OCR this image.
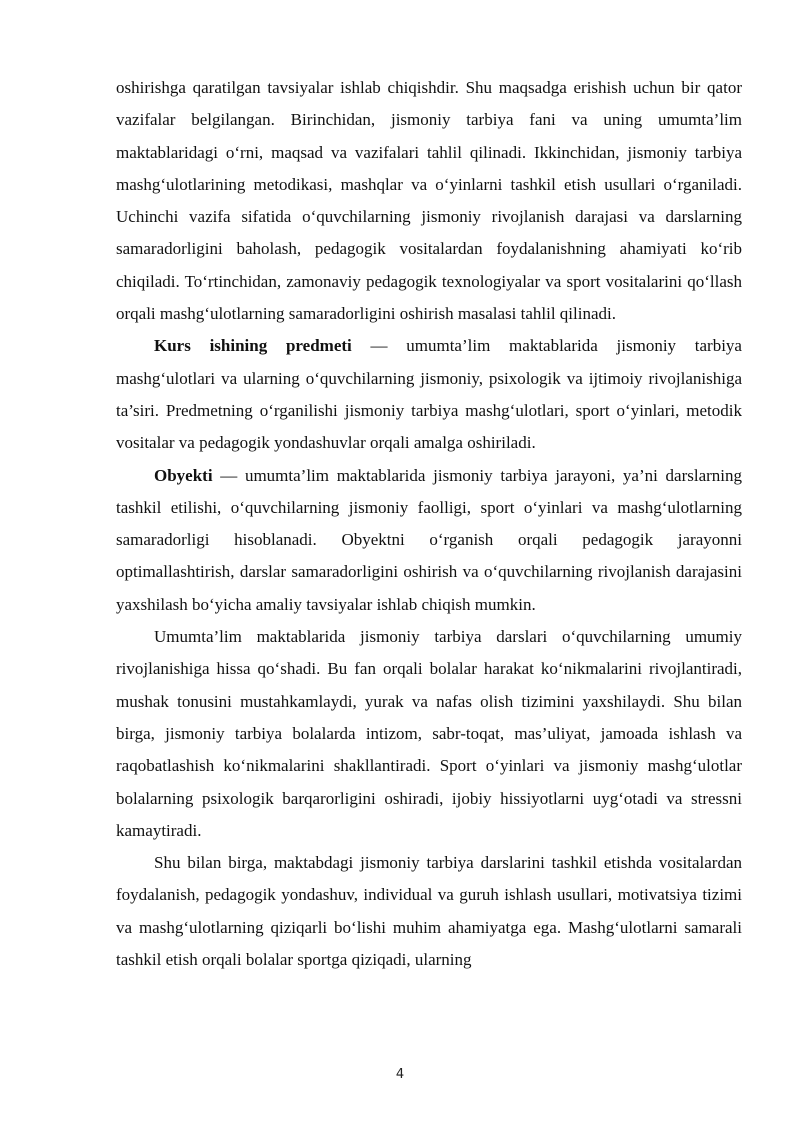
oshirishga qaratilgan tavsiyalar ishlab chiqishdir. Shu maqsadga erishish uchun bir qator vazifalar belgilangan. Birinchidan, jismoniy tarbiya fani va uning umumta’lim maktablaridagi o‘rni, maqsad va vazifalari tahlil qilinadi. Ikkinchidan, jismoniy tarbiya mashg‘ulotlarining metodikasi, mashqlar va o‘yinlarni tashkil etish usullari o‘rganiladi. Uchinchi vazifa sifatida o‘quvchilarning jismoniy rivojlanish darajasi va darslarning samaradorligini baholash, pedagogik vositalardan foydalanishning ahamiyati ko‘rib chiqiladi. To‘rtinchidan, zamonaviy pedagogik texnologiyalar va sport vositalarini qo‘llash orqali mashg‘ulotlarning samaradorligini oshirish masalasi tahlil qilinadi.

Kurs ishining predmeti — umumta’lim maktablarida jismoniy tarbiya mashg‘ulotlari va ularning o‘quvchilarning jismoniy, psixologik va ijtimoiy rivojlanishiga ta’siri. Predmetning o‘rganilishi jismoniy tarbiya mashg‘ulotlari, sport o‘yinlari, metodik vositalar va pedagogik yondashuvlar orqali amalga oshiriladi.

Obyekti — umumta’lim maktablarida jismoniy tarbiya jarayoni, ya’ni darslarning tashkil etilishi, o‘quvchilarning jismoniy faolligi, sport o‘yinlari va mashg‘ulotlarning samaradorligi hisoblanadi. Obyektni o‘rganish orqali pedagogik jarayonni optimallashtirish, darslar samaradorligini oshirish va o‘quvchilarning rivojlanish darajasini yaxshilash bo‘yicha amaliy tavsiyalar ishlab chiqish mumkin.

Umumta’lim maktablarida jismoniy tarbiya darslari o‘quvchilarning umumiy rivojlanishiga hissa qo‘shadi. Bu fan orqali bolalar harakat ko‘nikmalarini rivojlantiradi, mushak tonusini mustahkamlaydi, yurak va nafas olish tizimini yaxshilaydi. Shu bilan birga, jismoniy tarbiya bolalarda intizom, sabr-toqat, mas’uliyat, jamoada ishlash va raqobatlashish ko‘nikmalarini shakllantiradi. Sport o‘yinlari va jismoniy mashg‘ulotlar bolalarning psixologik barqarorligini oshiradi, ijobiy hissiyotlarni uyg‘otadi va stressni kamaytiradi.

Shu bilan birga, maktabdagi jismoniy tarbiya darslarini tashkil etishda vositalardan foydalanish, pedagogik yondashuv, individual va guruh ishlash usullari, motivatsiya tizimi va mashg‘ulotlarning qiziqarli bo‘lishi muhim ahamiyatga ega. Mashg‘ulotlarni samarali tashkil etish orqali bolalar sportga qiziqadi, ularning

4
